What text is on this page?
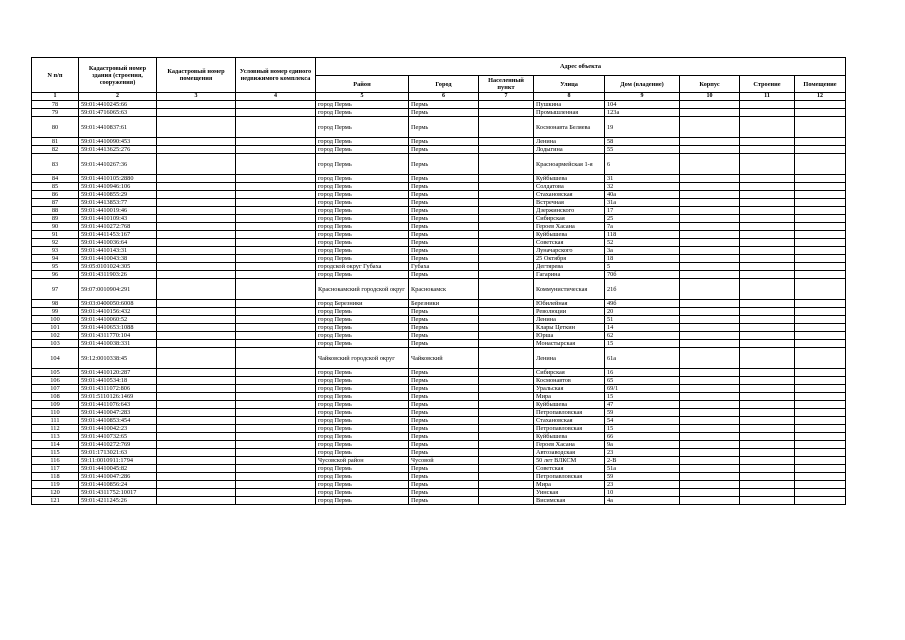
N п/п	Кадастровый номер здания (строения, сооружения)	Кадастровый номер помещения	Условный номер единого недвижимого комплекса	Адрес объекта							
				Район	Город	Населенный пункт	Улица	Дом (владение)	Корпус	Строение	Помещение
1	2	3	4	5	6	7	8	9	10	11	12
78	59:01:4410245:66			город Пермь	Пермь		Пушкина	104			
79	59:01:4716065:63			город Пермь	Пермь		Промышленная	123а			
80	59:01:4410837:61			город Пермь	Пермь		Космонавта Беляева	19			
81	59:01:4410090:453			город Пермь	Пермь		Ленина	58			
82	59:01:4413625:276			город Пермь	Пермь		Лодыгина	55			
83	59:01:4410267:36			город Пермь	Пермь		Красноармейская 1-я	6			
84	59:01:4410105:2880			город Пермь	Пермь		Куйбышева	31			
85	59:01:4410946:106			город Пермь	Пермь		Солдатова	32			
86	59:01:4410855:29			город Пермь	Пермь		Стахановская	40а			
87	59:01:4413853:77			город Пермь	Пермь		Встречная	31а			
88	59:01:4410019:46			город Пермь	Пермь		Дзержинского	17			
89	59:01:4410109:43			город Пермь	Пермь		Сибирская	25			
90	59:01:4410272:768			город Пермь	Пермь		Героев Хасана	7а			
91	59:01:4411453:167			город Пермь	Пермь		Куйбышева	118			
92	59:01:4410036:64			город Пермь	Пермь		Советская	52			
93	59:01:4410143:31			город Пермь	Пермь		Луначарского	3а			
94	59:01:4410043:38			город Пермь	Пермь		25 Октября	18			
95	59:05:0101024:305			городской округ Губаха	Губаха		Дегтярева	5			
96	59:01:4311903:26			город Пермь	Пермь		Гагарина	70б			
97	59:07:0010904:291			Краснокамский городской округ	Краснокамск		Коммунистическая	21б			
98	59:03:0400050:6008			город Березники	Березники		Юбилейная	49б			
99	59:01:4410156:432			город Пермь	Пермь		Революции	20			
100	59:01:4410060:52			город Пермь	Пермь		Ленина	51			
101	59:01:4410653:1088			город Пермь	Пермь		Клары Цеткин	14			
102	59:01:4311770:104			город Пермь	Пермь		Юрша	62			
103	59:01:4410038:331			город Пермь	Пермь		Монастырская	15			
104	59:12:0010338:45			Чайковский городской округ	Чайковский		Ленина	61а			
105	59:01:4410120:287			город Пермь	Пермь		Сибирская	16			
106	59:01:4410534:18			город Пермь	Пермь		Космонавтов	65			
107	59:01:4311072:806			город Пермь	Пермь		Уральская	69/1			
108	59:01:5110126:1469			город Пермь	Пермь		Мира	15			
109	59:01:4411076:643			город Пермь	Пермь		Куйбышева	47			
110	59:01:4410047:283			город Пермь	Пермь		Петропавловская	59			
111	59:01:4410853:454			город Пермь	Пермь		Стахановская	54			
112	59:01:4410042:23			город Пермь	Пермь		Петропавловская	15			
113	59:01:4410732:65			город Пермь	Пермь		Куйбышева	66			
114	59:01:4410272:769			город Пермь	Пермь		Героев Хасана	9а			
115	59:01:1713021:63			город Пермь	Пермь		Автозаводская	23			
116	59:11:0010911:1794			Чусовской район	Чусовой		50 лет ВЛКСМ	2-В			
117	59:01:4410045:82			город Пермь	Пермь		Советская	51а			
118	59:01:4410047:286			город Пермь	Пермь		Петропавловская	59			
119	59:01:4410856:24			город Пермь	Пермь		Мира	23			
120	59:01:4311752:10017			город Пермь	Пермь		Уинская	10			
121	59:01:4211245:26			город Пермь	Пермь		Висимская	4а			
